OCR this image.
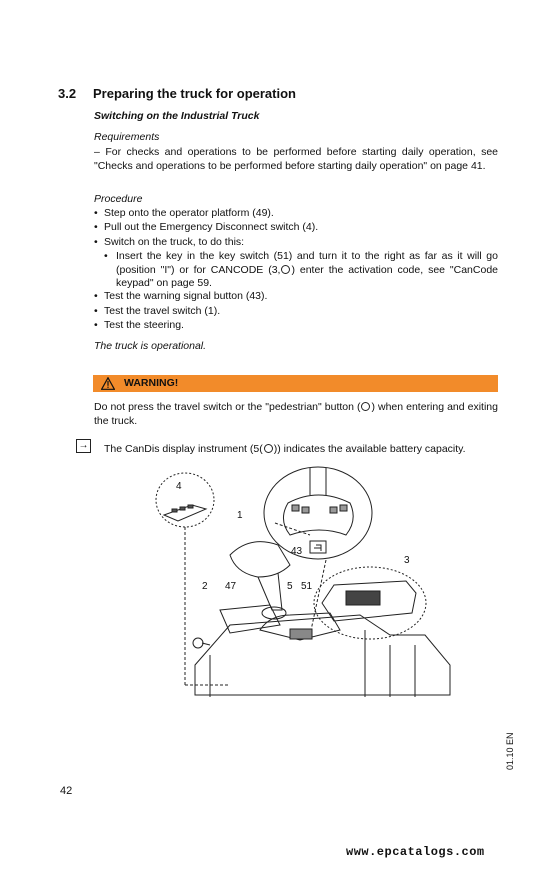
3.2 Preparing the truck for operation
Switching on the Industrial Truck
Requirements
– For checks and operations to be performed before starting daily operation, see "Checks and operations to be performed before starting daily operation" on page 41.
Procedure
• Step onto the operator platform (49).
• Pull out the Emergency Disconnect switch (4).
• Switch on the truck, to do this:
• Insert the key in the key switch (51) and turn it to the right as far as it will go (position "I") or for CANCODE (3, ) enter the activation code, see "CanCode keypad" on page 59.
• Test the warning signal button (43).
• Test the travel switch (1).
• Test the steering.
The truck is operational.
WARNING!
Do not press the travel switch or the "pedestrian" button ( ) when entering and exiting the truck.
→ The CanDis display instrument (5( )) indicates the available battery capacity.
4
1
43
3
2 47	5 51
42
01.10 EN
www.epcatalogs.com
